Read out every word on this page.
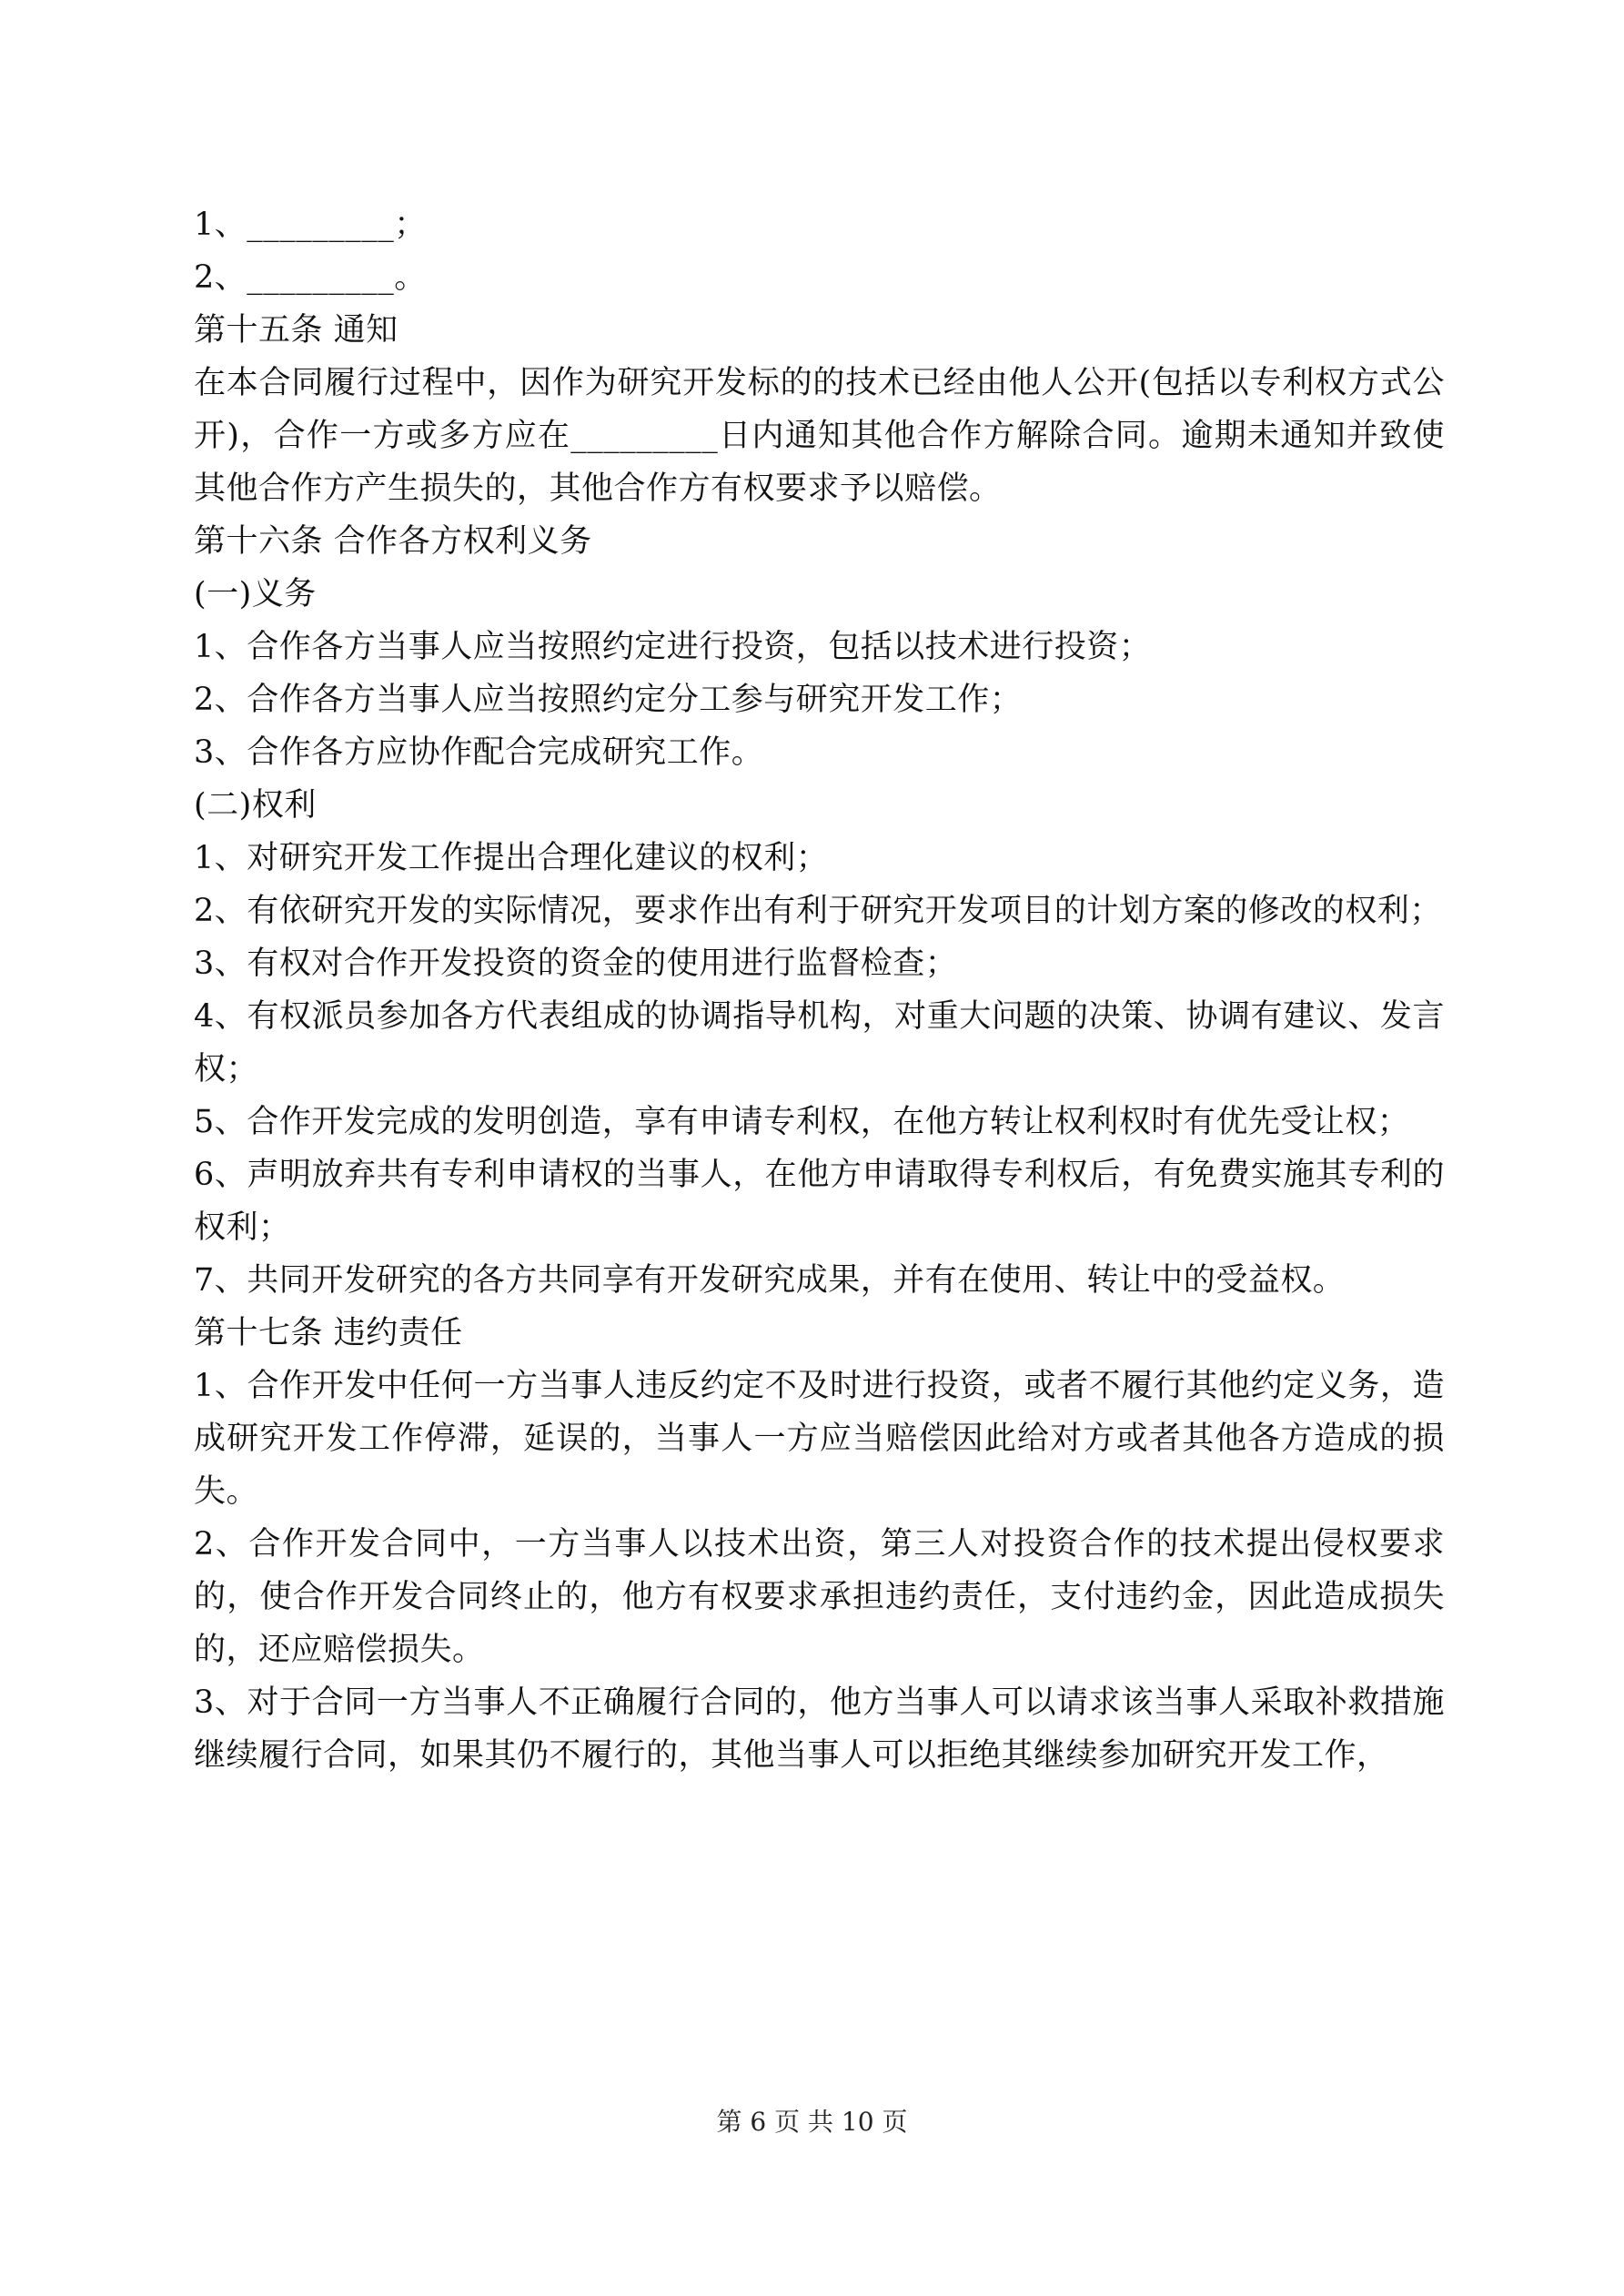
1、_________；

2、_________。

第十五条 通知

在本合同履行过程中，因作为研究开发标的的技术已经由他人公开(包括以专利权方式公开)，合作一方或多方应在_________日内通知其他合作方解除合同。逾期未通知并致使其他合作方产生损失的，其他合作方有权要求予以赔偿。

第十六条 合作各方权利义务

(一)义务

1、合作各方当事人应当按照约定进行投资，包括以技术进行投资；

2、合作各方当事人应当按照约定分工参与研究开发工作；

3、合作各方应协作配合完成研究工作。

(二)权利

1、对研究开发工作提出合理化建议的权利；

2、有依研究开发的实际情况，要求作出有利于研究开发项目的计划方案的修改的权利；

3、有权对合作开发投资的资金的使用进行监督检查；

4、有权派员参加各方代表组成的协调指导机构，对重大问题的决策、协调有建议、发言权；

5、合作开发完成的发明创造，享有申请专利权，在他方转让权利权时有优先受让权；

6、声明放弃共有专利申请权的当事人，在他方申请取得专利权后，有免费实施其专利的权利；

7、共同开发研究的各方共同享有开发研究成果，并有在使用、转让中的受益权。

第十七条 违约责任

1、合作开发中任何一方当事人违反约定不及时进行投资，或者不履行其他约定义务，造成研究开发工作停滞，延误的，当事人一方应当赔偿因此给对方或者其他各方造成的损失。

2、合作开发合同中，一方当事人以技术出资，第三人对投资合作的技术提出侵权要求的，使合作开发合同终止的，他方有权要求承担违约责任，支付违约金，因此造成损失的，还应赔偿损失。

3、对于合同一方当事人不正确履行合同的，他方当事人可以请求该当事人采取补救措施继续履行合同，如果其仍不履行的，其他当事人可以拒绝其继续参加研究开发工作，

第 6 页 共 10 页
